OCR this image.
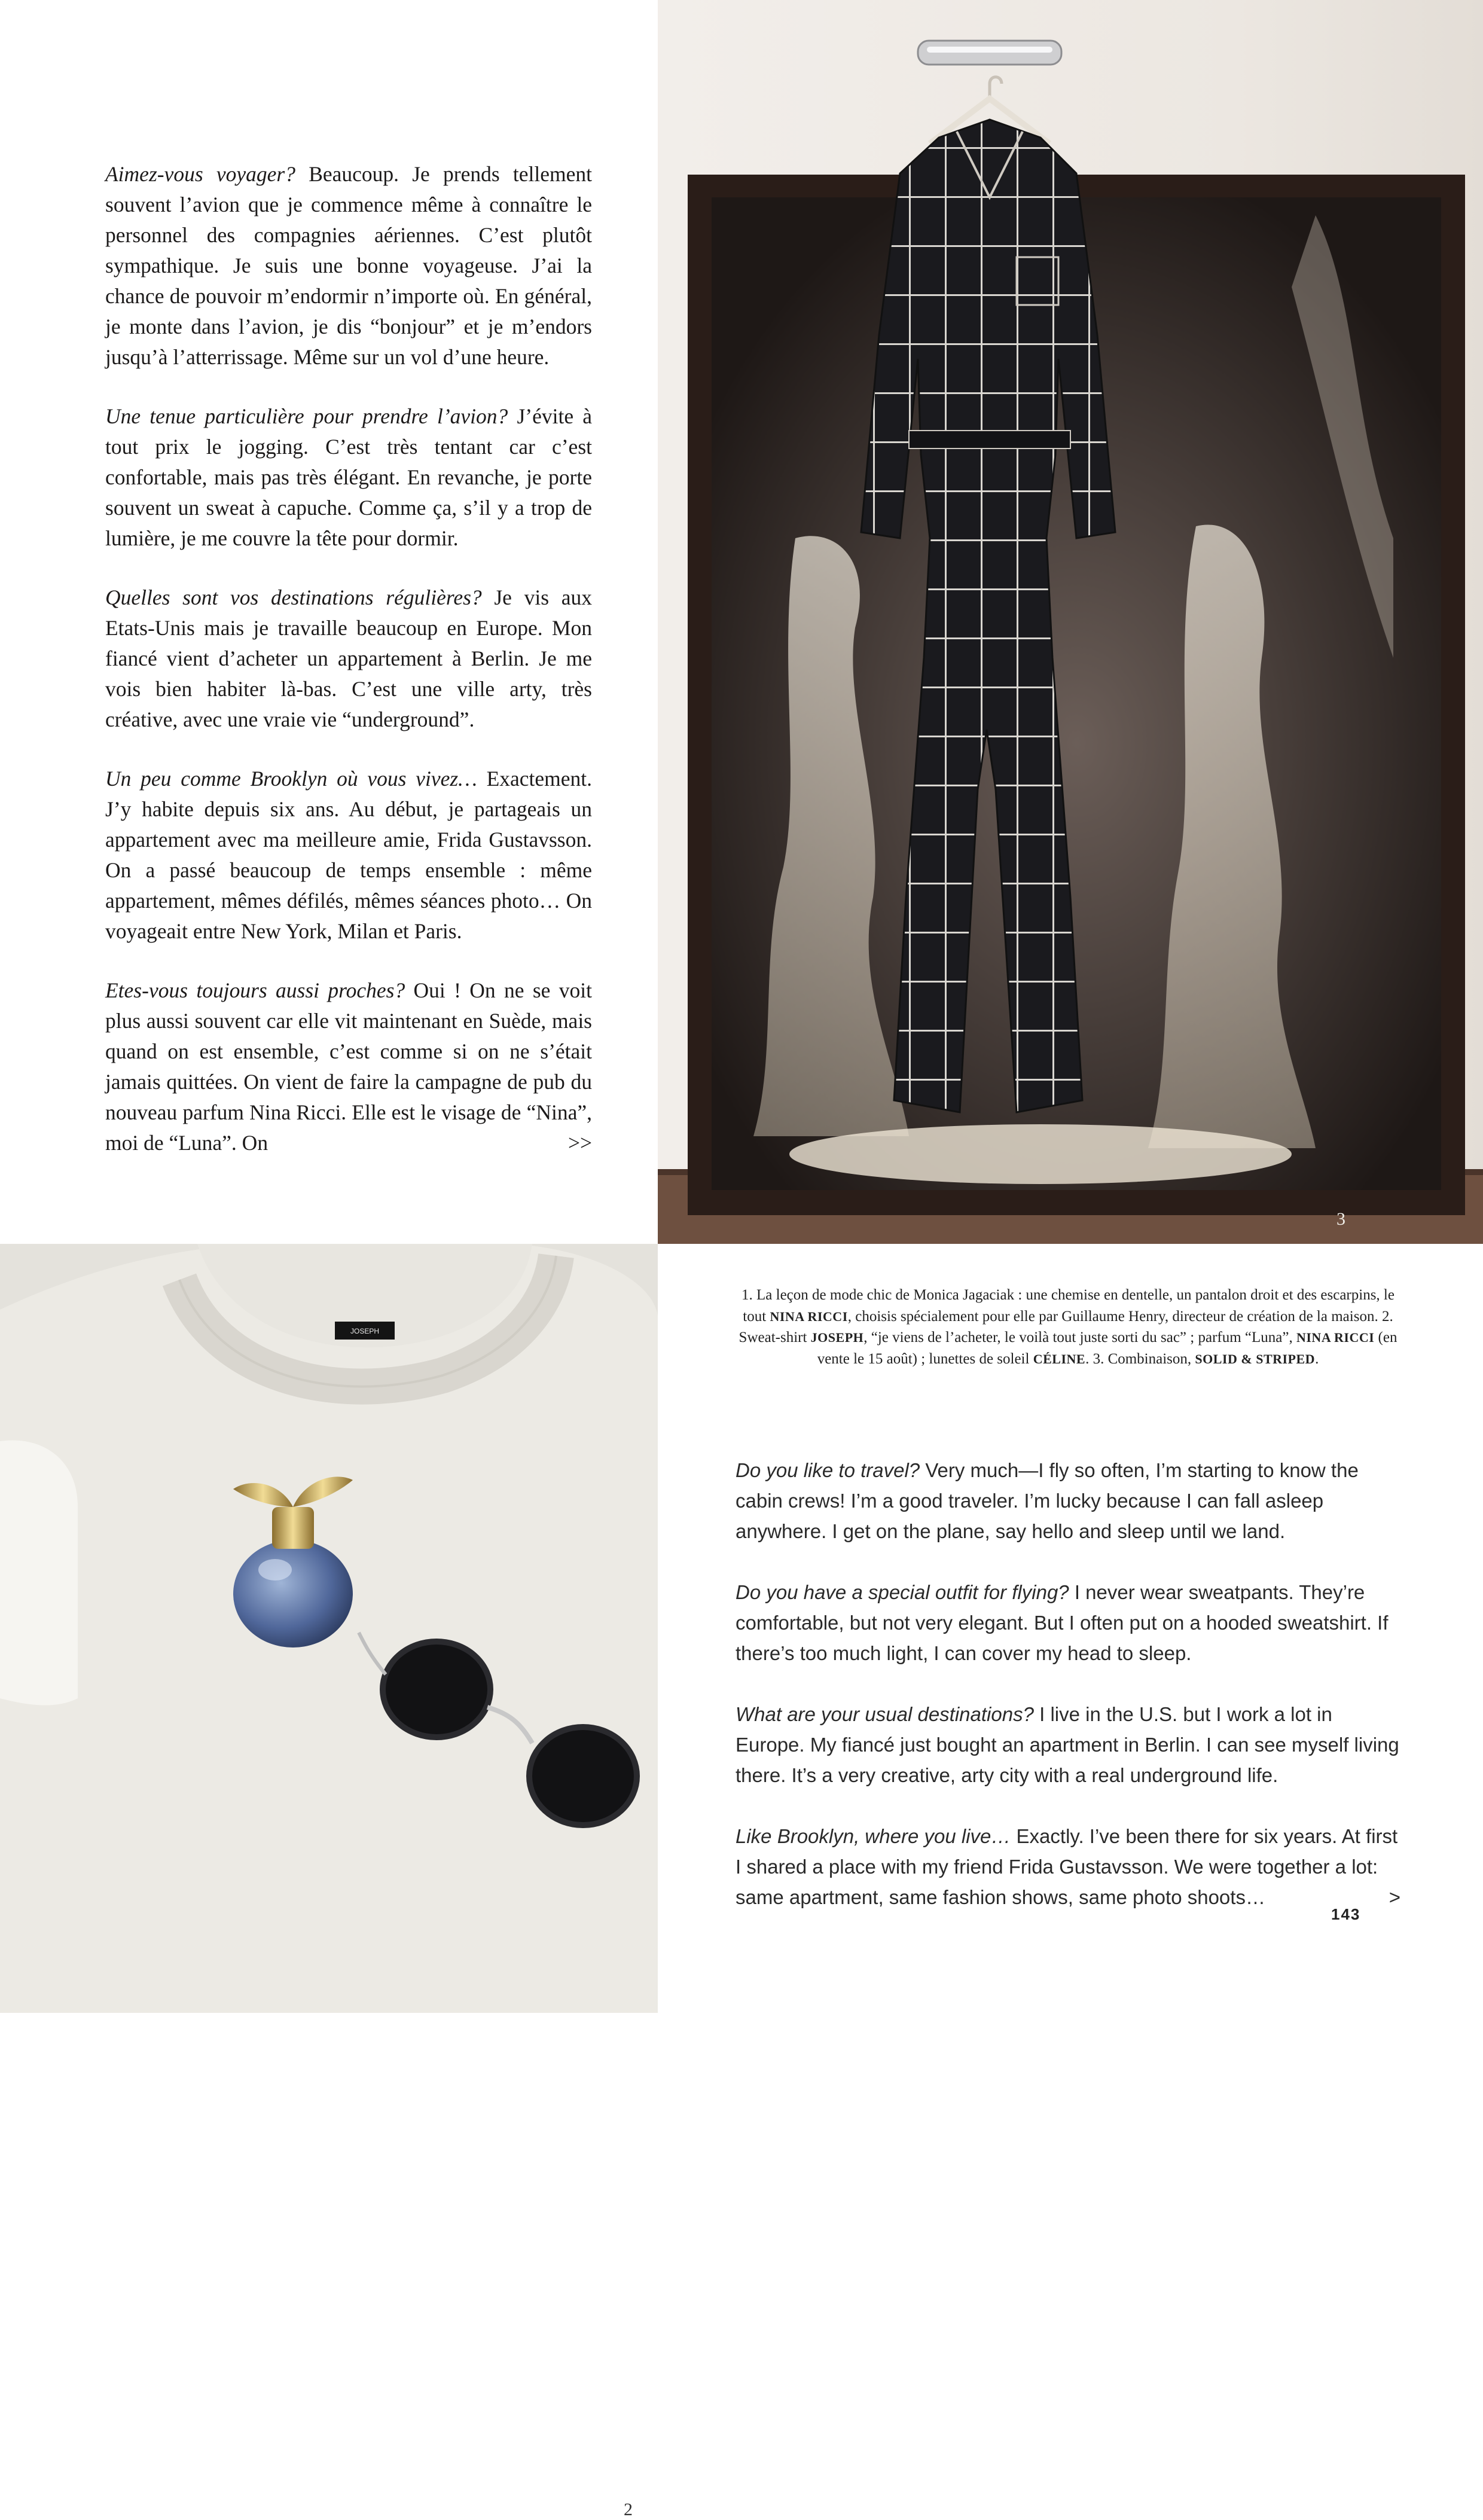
Aimez-vous voyager? Beaucoup. Je prends tellement souvent l’avion que je commence même à connaître le personnel des compagnies aériennes. C’est plutôt sympathique. Je suis une bonne voyageuse. J’ai la chance de pouvoir m’endormir n’importe où. En général, je monte dans l’avion, je dis “bonjour” et je m’endors jusqu’à l’atterrissage. Même sur un vol d’une heure.

Une tenue particulière pour prendre l’avion? J’évite à tout prix le jogging. C’est très tentant car c’est confortable, mais pas très élégant. En revanche, je porte souvent un sweat à capuche. Comme ça, s’il y a trop de lumière, je me couvre la tête pour dormir.

Quelles sont vos destinations régulières? Je vis aux Etats-Unis mais je travaille beaucoup en Europe. Mon fiancé vient d’acheter un appartement à Berlin. Je me vois bien habiter là-bas. C’est une ville arty, très créative, avec une vraie vie “underground”.

Un peu comme Brooklyn où vous vivez… Exactement. J’y habite depuis six ans. Au début, je partageais un appartement avec ma meilleure amie, Frida Gustavsson. On a passé beaucoup de temps ensemble : même appartement, mêmes défilés, mêmes séances photo… On voyageait entre New York, Milan et Paris.

Etes-vous toujours aussi proches? Oui ! On ne se voit plus aussi souvent car elle vit maintenant en Suède, mais quand on est ensemble, c’est comme si on ne s’était jamais quittées. On vient de faire la campagne de pub du nouveau parfum Nina Ricci. Elle est le visage de “Nina”, moi de “Luna”. On	>>

3
JOSEPH
2
1. La leçon de mode chic de Monica Jagaciak : une chemise en dentelle, un pantalon droit et des escarpins, le tout NINA RICCI, choisis spécialement pour elle par Guillaume Henry, directeur de création de la maison. 2. Sweat-shirt JOSEPH, “je viens de l’acheter, le voilà tout juste sorti du sac” ; parfum “Luna”, NINA RICCI (en vente le 15 août) ; lunettes de soleil CÉLINE. 3. Combinaison, SOLID & STRIPED.

Do you like to travel? Very much—I fly so often, I’m starting to know the cabin crews! I’m a good traveler. I’m lucky because I can fall asleep anywhere. I get on the plane, say hello and sleep until we land.

Do you have a special outfit for flying? I never wear sweatpants. They’re comfortable, but not very elegant. But I often put on a hooded sweatshirt. If there’s too much light, I can cover my head to sleep.

What are your usual destinations? I live in the U.S. but I work a lot in Europe. My fiancé just bought an apartment in Berlin. I can see myself living there. It’s a very creative, arty city with a real underground life.

Like Brooklyn, where you live… Exactly. I’ve been there for six years. At first I shared a place with my friend Frida Gustavsson. We were together a lot: same apartment, same fashion shows, same photo shoots…	>

143
